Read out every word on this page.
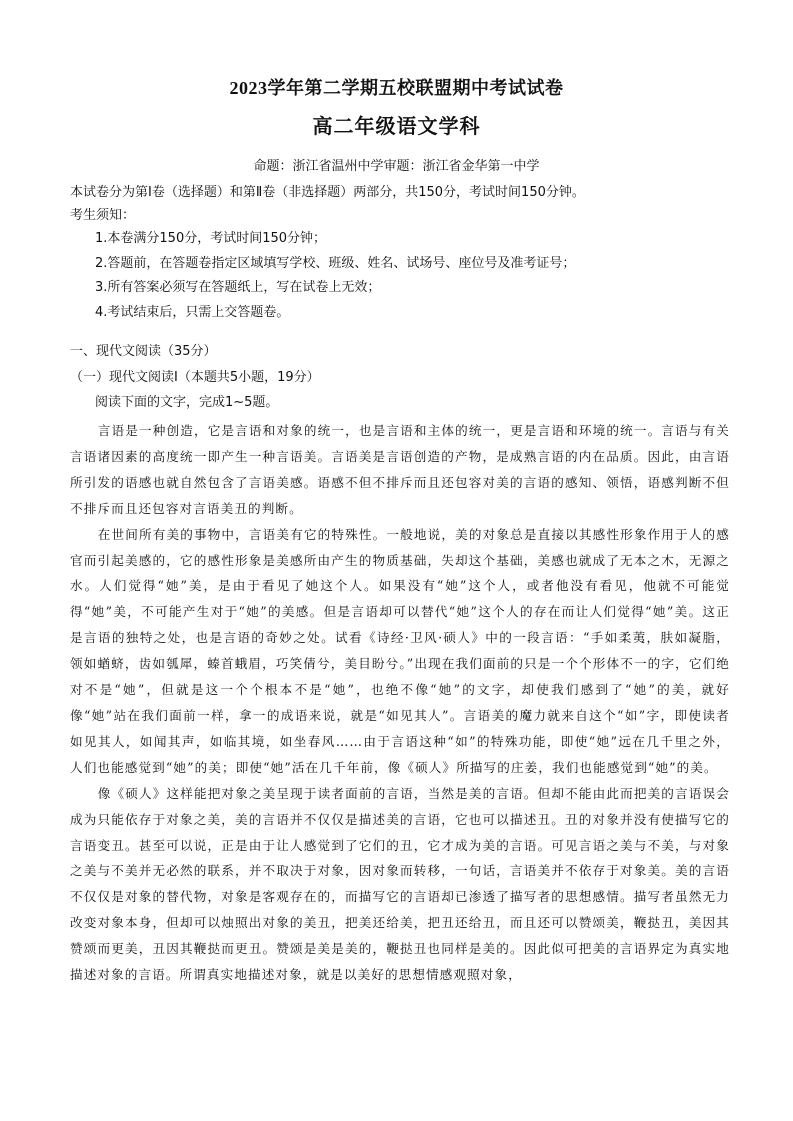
2023学年第二学期五校联盟期中考试试卷
高二年级语文学科
命题：浙江省温州中学审题：浙江省金华第一中学
本试卷分为第Ⅰ卷（选择题）和第Ⅱ卷（非选择题）两部分，共150分，考试时间150分钟。
考生须知：
1.本卷满分150分，考试时间150分钟；
2.答题前，在答题卷指定区域填写学校、班级、姓名、试场号、座位号及准考证号；
3.所有答案必须写在答题纸上，写在试卷上无效；
4.考试结束后，只需上交答题卷。
一、现代文阅读（35分）
（一）现代文阅读Ⅰ（本题共5小题，19分）
阅读下面的文字，完成1~5题。

言语是一种创造，它是言语和对象的统一，也是言语和主体的统一，更是言语和环境的统一。言语与有关言语诸因素的高度统一即产生一种言语美。言语美是言语创造的产物，是成熟言语的内在品质。因此，由言语所引发的语感也就自然包含了言语美感。语感不但不排斥而且还包容对美的言语的感知、领悟，语感判断不但不排斥而且还包容对言语美丑的判断。

在世间所有美的事物中，言语美有它的特殊性。一般地说，美的对象总是直接以其感性形象作用于人的感官而引起美感的，它的感性形象是美感所由产生的物质基础，失却这个基础，美感也就成了无本之木，无源之水。人们觉得“她”美，是由于看见了她这个人。如果没有“她”这个人，或者他没有看见，他就不可能觉得“她”美，不可能产生对于“她”的美感。但是言语却可以替代“她”这个人的存在而让人们觉得“她”美。这正是言语的独特之处，也是言语的奇妙之处。试看《诗经·卫风·硕人》中的一段言语：“手如柔荑，肤如凝脂，领如蝤蛴，齿如瓠犀，螓首蛾眉，巧笑倩兮，美目盼兮。”出现在我们面前的只是一个个形体不一的字，它们绝对不是“她”，但就是这一个个根本不是“她”，也绝不像“她”的文字，却使我们感到了“她”的美，就好像“她”站在我们面前一样，拿一的成语来说，就是“如见其人”。言语美的魔力就来自这个“如”字，即使读者如见其人，如闻其声，如临其境，如坐春风……由于言语这种“如”的特殊功能，即使“她”远在几千里之外，人们也能感觉到“她”的美；即使“她”活在几千年前，像《硕人》所描写的庄姜，我们也能感觉到“她”的美。

像《硕人》这样能把对象之美呈现于读者面前的言语，当然是美的言语。但却不能由此而把美的言语误会成为只能依存于对象之美，美的言语并不仅仅是描述美的言语，它也可以描述丑。丑的对象并没有使描写它的言语变丑。甚至可以说，正是由于让人感觉到了它们的丑，它才成为美的言语。可见言语之美与不美，与对象之美与不美并无必然的联系，并不取决于对象，因对象而转移，一句话，言语美并不依存于对象美。美的言语不仅仅是对象的替代物，对象是客观存在的，而描写它的言语却已渗透了描写者的思想感情。描写者虽然无力改变对象本身，但却可以烛照出对象的美丑，把美还给美，把丑还给丑，而且还可以赞颂美，鞭挞丑，美因其赞颂而更美，丑因其鞭挞而更丑。赞颂是美是美的，鞭挞丑也同样是美的。因此似可把美的言语界定为真实地描述对象的言语。所谓真实地描述对象，就是以美好的思想情感观照对象，
